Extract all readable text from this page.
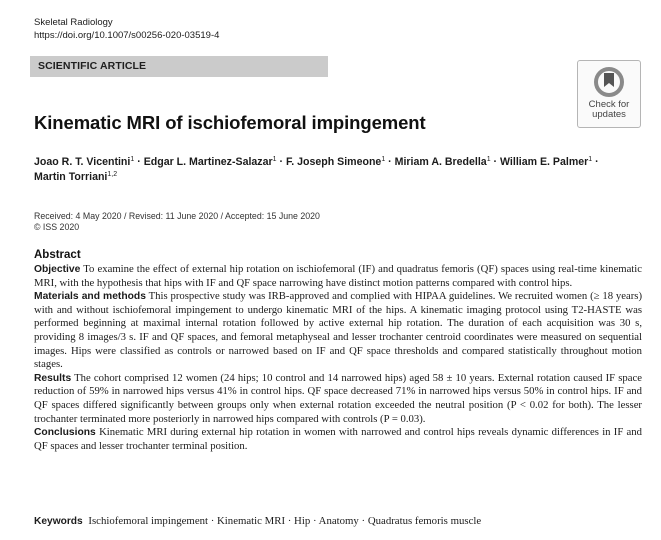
Skeletal Radiology
https://doi.org/10.1007/s00256-020-03519-4
SCIENTIFIC ARTICLE
Check for
updates
Kinematic MRI of ischiofemoral impingement
Joao R. T. Vicentini$^1$ · Edgar L. Martinez-Salazar$^1$ · F. Joseph Simeone$^1$ · Miriam A. Bredella$^1$ · William E. Palmer$^1$ ·
Martin Torriani$^{1,2}$
Received: 4 May 2020 / Revised: 11 June 2020 / Accepted: 15 June 2020
© ISS 2020
Abstract

Objective To examine the effect of external hip rotation on ischiofemoral (IF) and quadratus femoris (QF) spaces using real-time kinematic MRI, with the hypothesis that hips with IF and QF space narrowing have distinct motion patterns compared with control hips.

Materials and methods This prospective study was IRB-approved and complied with HIPAA guidelines. We recruited women (≥ 18 years) with and without ischiofemoral impingement to undergo kinematic MRI of the hips. A kinematic imaging protocol using T2-HASTE was performed beginning at maximal internal rotation followed by active external hip rotation. The duration of each acquisition was 30 s, providing 8 images/3 s. IF and QF spaces, and femoral metaphyseal and lesser trochanter centroid coordinates were measured on sequential images. Hips were classified as controls or narrowed based on IF and QF space thresholds and compared statistically throughout motion stages.

Results The cohort comprised 12 women (24 hips; 10 control and 14 narrowed hips) aged 58 ± 10 years. External rotation caused IF space reduction of 59% in narrowed hips versus 41% in control hips. QF space decreased 71% in narrowed hips versus 50% in control hips. IF and QF spaces differed significantly between groups only when external rotation exceeded the neutral position (P < 0.02 for both). The lesser trochanter terminated more posteriorly in narrowed hips compared with controls (P = 0.03).

Conclusions Kinematic MRI during external hip rotation in women with narrowed and control hips reveals dynamic differences in IF and QF spaces and lesser trochanter terminal position.

Keywords Ischiofemoral impingement · Kinematic MRI · Hip · Anatomy · Quadratus femoris muscle
